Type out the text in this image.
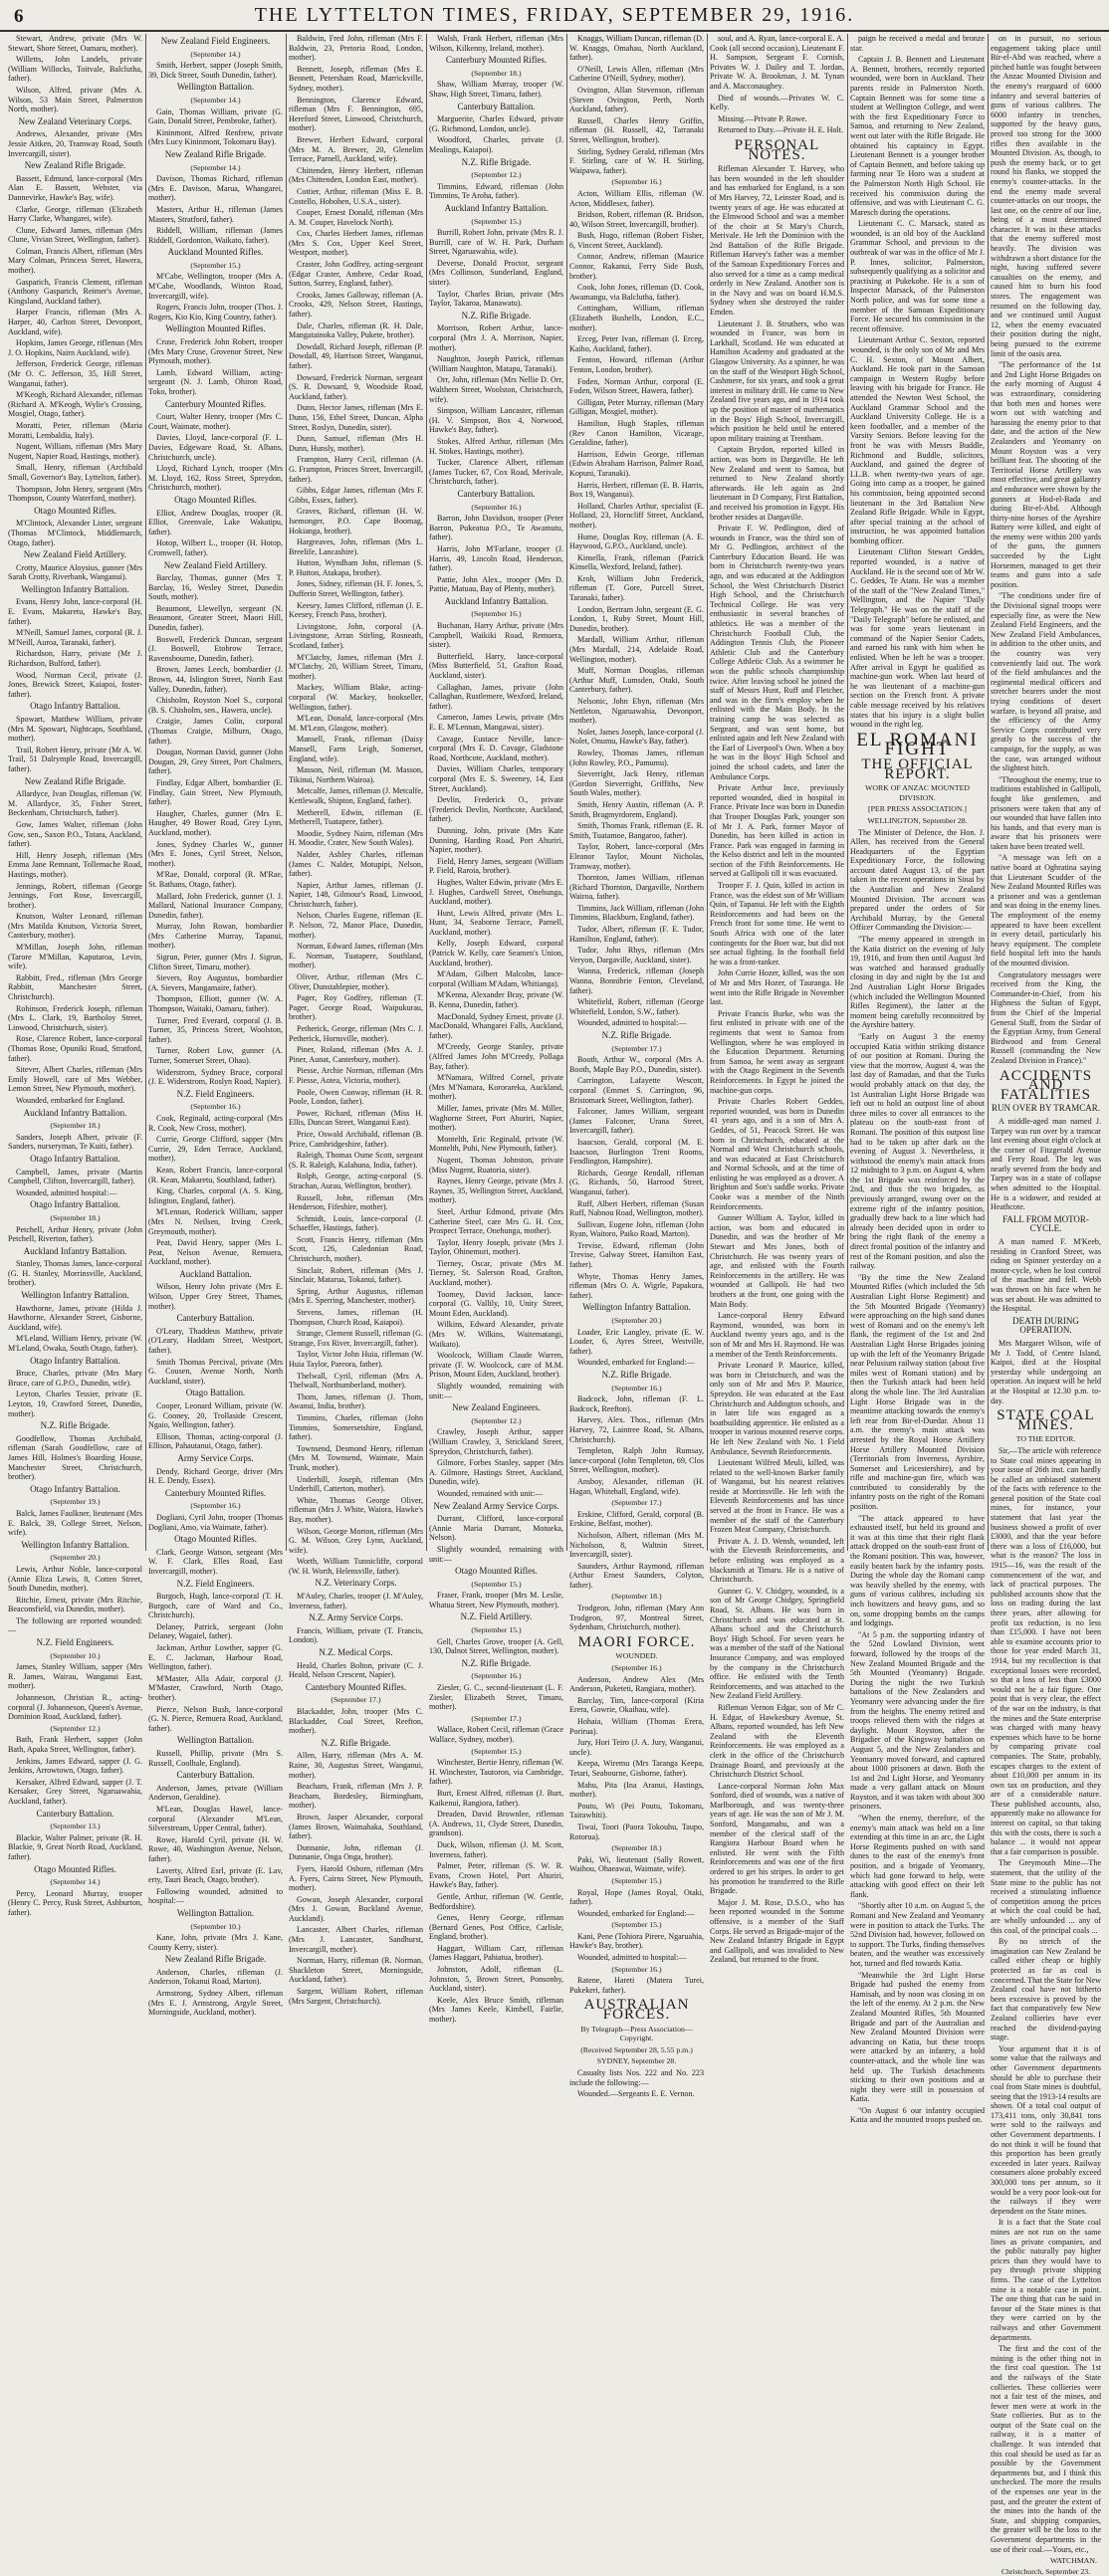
6	THE LYTTELTON TIMES, FRIDAY, SEPTEMBER 29, 1916.

Stewart, Andrew, private (Mrs W. Stewart, Shore Street, Oamaru, mother).

Willetts, John Landels, private (William Willocks, Toitvale, Balclutha, father).

Wilson, Alfred, private (Mrs A. Wilson, 53 Main Street, Palmerston North, mother).

New Zealand Veterinary Corps.

Andrews, Alexander, private (Mrs Jessie Aitken, 20, Tramway Road, South Invercargill, sister).

New Zealand Rifle Brigade.

Bassett, Edmund, lance-corporal (Mrs Alan E. Bassett, Webster, via Dannevirke, Hawke's Bay, wife).

Clarke, George, rifleman (Elizabeth Harry Clarke, Whangarei, wife).

Clune, Edward James, rifleman (Mrs Clune, Vivian Street, Wellington, father).

Colman, Francis Albert, rifleman (Mrs Mary Colman, Princess Street, Hawera, mother).

Gasparich, Francis Clement, rifleman (Anthony Gasparich, Reimer's Avenue, Kingsland, Auckland father).

Harper Francis, rifleman (Mrs A. Harper, 40, Carlton Street, Devonport, Auckland, wife).

Hopkins, James George, rifleman (Mrs J. O. Hopkins, Nairn Auckland, wife).

Jefferson, Frederick George, rifleman (Mr O. C. Jefferson, 35, Hill Street, Wanganui, father).

M'Keogh, Richard Alexander, rifleman (Richard A. M'Keogh, Wylie's Crossing, Mosgiel, Otago, father).

Moratti, Peter, rifleman (Maria Moratti, Lembaldia, Italy).

Nugent, William, rifleman (Mrs Mary Nugent, Napier Road, Hastings, mother).

Small, Henry, rifleman (Archibald Small, Governor's Bay, Lyttelton, father).

Thompson, John Henry, sergeant (Mrs Thompson, County Waterford, mother).

Otago Mounted Rifles.

M'Clintock, Alexander Lister, sergeant (Thomas M'Clintock, Middlemarch, Otago, father).

New Zealand Field Artillery.

Crotty, Maurice Aloysius, gunner (Mrs Sarah Crotty, Riverbank, Wanganui).

Wellington Infantry Battalion.

Evans, Henry John, lance-corporal (H. E. Evans, Makaretu, Hawke's Bay, father).

M'Neill, Samuel James, corporal (R. J. M'Neill, Auroa, Taranaki, father).

Richardson, Harry, private (Mr J. Richardson, Bulford, father).

Wood, Norman Cecil, private (J. Jones, Brewick Street, Kaiapoi, foster-father).

Otago Infantry Battalion.

Spowart, Matthew William, private (Mrs M. Spowart, Nightcaps, Southland, mother).

Trail, Robert Henry, private (Mr A. W. Trail, 51 Dalrymple Road, Invercargill, father).

New Zealand Rifle Brigade.

Allardyce, Ivan Douglas, rifleman (W. M. Allardyce, 35, Fisher Street, Beckenham, Christchurch, father).

Gow, James Walter, rifleman (John Gow, sen., Saxon P.O., Totara, Auckland, father).

Hill, Henry Joseph, rifleman (Mrs Emma Jane Remnant, Tollemache Road, Hastings, mother).

Jennings, Robert, rifleman (George Jennings, Fort Rose, Invercargill, brother).

Knutson, Walter Leonard, rifleman (Mrs Matilda Knutson, Victoria Street, Canterbury, mother).

M'Millan, Joseph John, rifleman (Tarore M'Millan, Kaputaroa, Levin, wife).

Rabbitt, Fred., rifleman (Mrs George Rabbitt, Manchester Street, Christchurch).

Robinson, Frederick Joseph, rifleman (Mrs L. Clark, 19, Bartholoy Street, Linwood, Christchurch, sister).

Rose, Clarence Robert, lance-corporal (Thomas Rose, Opuniki Road, Stratford, father).

Sitever, Albert Charles, rifleman (Mrs Emily Howell, care of Mrs Webber, Lemon Street, New Plymouth, mother).

Wounded, embarked for England.

Auckland Infantry Battalion.
(September 18.)

Sanders, Joseph Albert, private (F. Sanders, nurseryman, Te Kuiti, father).

Otago Infantry Battalion.

Campbell, James, private (Martin Campbell, Clifton, Invercargill, father).

Wounded, admitted hospital:—

Otago Infantry Battalion.
(September 18.)

Petchell, Arthur Henry, private (John Petchell, Riverton, father).

Auckland Infantry Battalion.

Stanley, Thomas James, lance-corporal (G. H. Stanley, Morrinsville, Auckland, brother).

Wellington Infantry Battalion.

Hawthorne, James, private (Hilda J. Hawthorne, Alexander Street, Gisborne, Auckland, wife).

M'Leland, William Henry, private (W. M'Leland, Owaka, South Otago, father).

Otago Infantry Battalion.

Bruce, Charles, private (Mrs Mary Bruce, care of G.P.O., Dunedin, wife).

Leyton, Charles Tessier, private (E. Leyton, 19, Crawford Street, Dunedin, mother).

N.Z. Rifle Brigade.

Goodfellow, Thomas Archibald, rifleman (Sarah Goodfellow, care of James Hill, Holmes's Boarding House, Manchester Street, Christchurch, brother).

Otago Infantry Battalion.
(September 19.)

Balck, James Faulkner, lieutenant (Mrs E. Balck, 39, College Street, Nelson, wife).

Wellington Infantry Battalion.
(September 20.)

Lewis, Arthur Noble, lance-corporal (Annie Eliza Lewis, 8, Cotten Street, South Dunedin, mother).

Ritchie, Ernest, private (Mrs Ritchie, Beaconsfield, via Dunedin, mother).

The following are reported wounded:—

N.Z. Field Engineers.
(September 10.)

James, Stanley William, sapper (Mrs R. James, Wairau, Wanganui East, mother).

Johanneson, Christian R., acting-corporal (J. Johanneson, Queen's Avenue, Dominion Road, Auckland, father).

(September 12.)

Bath, Frank Herbert, sapper (John Bath, Apaka Street, Wellington, father).

Jenkins, James Edward, sapper (J. G. Jenkins, Arrowtown, Otago, father).

Kersaker, Alfred Edward, sapper (J. T. Kersaker, Grey Street, Ngaruawahia, Auckland, father).

Canterbury Battalion.
(September 13.)

Blackie, Walter Palmer, private (R. H. Blackie, 9, Great North Road, Auckland, father).

Otago Mounted Rifles.
(September 14.)

Percy, Leonard Murray, trooper (Henry C. Percy, Rusk Street, Ashburton, father).

New Zealand Field Engineers.
(September 14.)

Smith, Herbert, sapper (Joseph Smith, 39, Dick Street, South Dunedin, father).

Wellington Battalion.
(September 14.)

Gain, Thomas William, private (G. Gain, Donald Street, Pembroke, father).

Kininmont, Alfred Renfrew, private (Mrs Lucy Kininmont, Tokomaru Bay).

New Zealand Rifle Brigade.
(September 14.)

Davison, Thomas Richard, rifleman (Mrs E. Davison, Marua, Whangarei, mother).

Masters, Arthur H., rifleman (James Masters, Stratford, father).

Riddell, William, rifleman (James Riddell, Gordonton, Waikato, father).

Auckland Mounted Rifles.
(September 15.)

M'Cabe, Wellington, trooper (Mrs A. M'Cabe, Woodlands, Winton Road, Invercargill, wife).

Rogers, Francis John, trooper (Thos. J. Rogers, Kio Kio, King Country, father).

Wellington Mounted Rifles.

Cruse, Frederick John Robert, trooper (Mrs Mary Cruse, Grovenor Street, New Plymouth, mother).

Lamb, Edward William, acting-sergeant (N. J. Lamb, Ohiron Road, Toko, brother).

Canterbury Mounted Rifles.

Court, Walter Henry, trooper (Mrs C. Court, Waimate, mother).

Davies, Lloyd, lance-corporal (F. L. Davies, Edgeware Road, St. Albans, Christchurch, uncle).

Lloyd, Richard Lynch, trooper (Mrs M. Lloyd, 162, Ross Street, Spreydon, Christchurch, mother).

Otago Mounted Rifles.

Elliot, Andrew Douglas, trooper (R. Elliot, Greenvale, Lake Wakatipu, father).

Hotop, Wilbert L., trooper (H. Hotop, Cromwell, father).

New Zealand Field Artillery.

Barclay, Thomas, gunner (Mrs T. Barclay, 16, Wesley Street, Dunedin South, mother).

Beaumont, Llewellyn, sergeant (N. Beaumont, Greater Street, Maori Hill, Dunedin, father).

Boswell, Frederick Duncan, sergeant (J. Boswell, Etobrow Terrace, Ravensbourne, Dunedin, father).

Brown, James Leech, bombardier (J. Brown, 44, Islington Street, North East Valley, Dunedin, father).

Chisholm, Royston Noel S., corporal (B. S. Chisholm, sen., Hawera, uncle).

Craigie, James Colin, corporal (Thomas Craigie, Milburn, Otago, father).

Dougan, Norman David, gunner (John Dougan, 29, Grey Street, Port Chalmers, father).

Findlay, Edgar Albert, bombardier (E. Findlay, Gain Street, New Plymouth, father).

Haugher, Charles, gunner (Mrs E. Haugher, 49 Bower Road, Grey Lynn, Auckland, mother).

Jones, Sydney Charles W., gunner (Mrs E. Jones, Cyril Street, Nelson, mother).

M'Rae, Donald, corporal (R. M'Rae, St. Bathans, Otago, father).

Mallard, John Frederick, gunner (J. J. Mallard, National Insurance Company, Dunedin, father).

Murray, John Rowan, bombardier (Mrs Catherine Murray, Tapanui, mother).

Sigrun, Peter, gunner (Mrs J. Sigrun, Clifton Street, Timaru, mother).

Sievers, Roy Augustus, bombardier (A. Sievers, Mangamaire, father).

Thompson, Elliott, gunner (W. A. Thompson, Waitaki, Oamaru, father).

Turner, Fred Everard, corporal (J. B. Turner, 35, Princess Street, Woolston, father).

Turner, Robert Low, gunner (A. Turner, Somerset Street, Ohau).

Widerstrom, Sydney Bruce, corporal (J. E. Widerstrom, Roslyn Road, Napier).

N.Z. Field Engineers.
(September 16.)

Cook, Reginald, acting-corporal (Mrs R. Cook, New Cross, mother).

Currie, George Clifford, sapper (Mrs Currie, 29, Eden Terrace, Auckland, mother).

Kean, Robert Francis, lance-corporal (R. Kean, Makaretu, Southland, father).

King, Charles, corporal (A. S. King, Islington, England, father).

M'Lennan, Roderick William, sapper (Mrs N. Neilsen, Irving Creek, Greymouth, mother).

Peat, David Henry, sapper (Mrs L. Peat, Nelson Avenue, Remuera, Auckland, mother).

Auckland Battalion.

Wilson, Henry John private (Mrs E. Wilson, Upper Grey Street, Thames, mother).

Canterbury Battalion.

O'Leary, Thaddeus Matthew, private (O'Leary, Haddam Street, Westport, father).

Smith Thomas Percival, private (Mrs G. Cousen, Avenue North, North Auckland, sister).

Otago Battalion.

Cooper, Leonard William, private (W. G. Cooney, 20, Trollaside Crescent, Ngaio, Wellington, father).

Ellison, Thomas, acting-corporal (J. Ellison, Pahautanui, Otago, father).

Army Service Corps.

Dendy, Richard George, driver (Mrs H. E. Dendy, Essex).

Canterbury Mounted Rifles.
(September 16.)

Dogliani, Cyril John, trooper (Thomas Dogliani, Amo, via Waimate, father).

Otago Mounted Rifles.

Clark, George Watson, sergeant (Mrs W. F. Clark, Elles Road, East Invercargill, mother).

N.Z. Field Engineers.

Burgoch, Hugh, lance-corporal (T. H. Burgoch, care of Ward and Co., Christchurch).

Delaney, Patrick, sergeant (John Delaney, Wagaiel, father).

Jackman, Arthur Lowther, sapper (G. E. C. Jackman, Harbour Road, Wellington, father).

M'Master, Alla Adair, corporal (J. M'Master, Crawford, North Otago, brother).

Pierce, Nelson Bush, lance-corporal (G. N. Pierce, Remuera Road, Auckland, father).

Wellington Battalion.

Russell, Phillip, private (Mrs S. Russell, Coolhale, England).

Canterbury Battalion.

Anderson, James, private (William Anderson, Geraldine).

M'Lean, Douglas Hawel, lance-corporal (Alexander M'Lean, Silverstream, Upper Central, father).

Rowe, Harold Cyril, private (H. W. Rowe, 40, Washington Avenue, Nelson, father).

Laverty, Alfred Esrl, private (E. Lav, erty, Tauri Beach, Otago, brother).

Following wounded, admitted to hospital:—

Wellington Battalion.
(September 10.)

Kane, John, private (Mrs J. Kane, County Kerry, sister).

New Zealand Rifle Brigade.

Anderson, Charles, rifleman (J. Anderson, Tokanui Road, Marton).

Armstrong, Sydney Albert, rifleman (Mrs E. J. Armstrong, Argyle Street, Morningside, Auckland, mother).

Baldwin, Fred John, rifleman (Mrs F. Baldwin, 23, Pretoria Road, London, mother).

Bennett, Joseph, rifleman (Mrs E. Bennett, Petersham Road, Marrickville, Sydney, mother).

Bennington, Clarence Edward, rifleman (Mrs F. Bennington, 695, Hereford Street, Linwood, Christchurch, mother).

Brewer, Herbert Edward, corporal (Mrs M. A. Brewer, 20, Glenelim Terrace, Parnell, Auckland, wife).

Chittenden, Henry Herbert, rifleman (Mrs Chittenden, London East, mother).

Cottier, Arthur, rifleman (Miss E. B. Costello, Hobohen, U.S.A., sister).

Couper, Ernest Donald, rifleman (Mrs A. M. Couper, Havelock North).

Cox, Charles Herbert James, rifleman (Mrs S. Cox, Upper Keel Street, Westport, mother).

Craster, John Godfrey, acting-sergeant (Edgar Craster, Ambree, Cedar Road, Sutton, Surrey, England, father).

Crooks, James Galloway, rifleman (A. Crooks, 429, Nelson Street, Hastings, father).

Dale, Charles, rifleman (R. H. Dale, Mangatainoka Valley, Pukete, brother).

Dowdall, Richard Joseph, rifleman (P. Dowdall, 49, Harrison Street, Wanganui, father).

Dowsard, Frederick Norman, sergeant (S. R. Dowsard, 9, Woodside Road, Auckland, father).

Dunn, Hector James, rifleman (Mrs E. Dunn, 156, Ethel Street, Duncan, Alpha Street, Roslyn, Dunedin, sister).

Dunn, Samuel, rifleman (Mrs H. Dunn, Hunsly, mother).

Frampton, Harry Cecil, rifleman (A. G. Frampton, Princes Street, Invercargill, father).

Gibbs, Edgar James, rifleman (Mrs F. Gibbs, Essex, father).

Graves, Richard, rifleman (H. W. Isemonger, P.O. Cape Boomag, Hokianga, brother).

Hargreaves, John, rifleman (Mrs L. Breelife, Lancashire).

Hutton, Wyndham John, rifleman (S. P. Hutton, Atakapa, brother).

Jones, Sidney, rifleman (H. F. Jones, 5, Dufferin Street, Wellington, father).

Keesey, James Clifford, rifleman (J. E. Keesey, French Pass, brother).

Livingstone, John, corporal (A. Livingstone, Arran Stirling, Rosneath, Scotland, father).

M'Clatchy, James, rifleman (Mrs J. M'Clatchy, 20, William Street, Timaru, mother).

Mackey, William Blake, acting-corporal (W. Mackey, bookseller, Wellington, father).

M'Lean, Donald, lance-corporal (Mrs M. M'Lean, Glasgow, mother).

Mansell, Frank, rifleman (Daisy Mansell, Farm Leigh, Somerset, England, wife).

Masson, Neil, rifleman (M. Masson, Tikinui, Northern Wairoa).

Metcalfe, James, rifleman (J. Metcalfe, Kettlewalk, Shipton, England, father).

Metherell, Edwin, rifleman (E. Metherell, Tuatapere, father).

Moodie, Sydney Nairn, rifleman (Mrs H. Moodie, Crater, New South Wales).

Nalder, Ashley Charles, rifleman (James C. Nalder, Motupipi, Nelson, father).

Napier, Arthur James, rifleman (J. Napier, 148, Gilmour's Road, Linwood, Christchurch, father).

Nelson, Charles Eugene, rifleman (E. P. Nelson, 72, Manor Place, Dunedin, mother).

Norman, Edward James, rifleman (Mrs E. Norman, Tuatapere, Southland, mother).

Oliver, Arthur, rifleman (Mrs C. Oliver, Dunstablepier, mother).

Pager, Roy Godfrey, rifleman (T. Pager, George Road, Waipukurau, brother).

Petherick, George, rifleman (Mrs C. J. Petherick, Hornsville, mother).

Piner, Roland, rifleman (Mrs A. J. Piner, Aunat, Canterbury, mother).

Piesse, Archie Norman, rifleman (Mrs F. Piesse, Aotea, Victoria, mother).

Poole, Owen Conway, rifleman (H. R. Poole, London, father).

Power, Richard, rifleman (Miss H. Ellis, Duncan Street, Wanganui East).

Price, Oswald Archibald, rifleman (B. Price, Cambridgeshire, father).

Raleigh, Thomas Osme Scott, sergeant (S. R. Raleigh, Kalahuna, India, father).

Rolph, George, acting-corporal (S. Strachan, Aurau, Wellington, brother).

Russell, John, rifleman (Mrs Henderson, Fifeshire, mother).

Schmidt, Louis, lance-corporal (J. Schaeffer, Hastings, father).

Scott, Francis Henry, rifleman (Mrs Scott, 126, Caledonian Road, Christchurch, mother).

Sinclair, Robert, rifleman (Mrs J. Sinclair, Matarua, Tokanui, father).

Spring, Arthur Augustus, rifleman (Mrs E. Sperring, Manchester, mother).

Stevens, James, rifleman (H. Thompson, Church Road, Kaiapoi).

Strange, Clement Russell, rifleman (G. Strange, Fox River, Invercargill, father).

Taylor, Victor John Huia, rifleman (W. Huia Taylor, Pareora, father).

Thelwall, Cyril, rifleman (Mrs A. Thelwall, Northumberland, mother).

Thom, James, rifleman (J. Thom, Awanui, India, brother).

Timmins, Charles, rifleman (John Timmins, Somersetshire, England, father).

Townsend, Desmond Henry, rifleman (Mrs M. Townsend, Waimate, Main Trunk, mother).

Underhill, Joseph, rifleman (Mrs Underhill, Catterton, mother).

White, Thomas George Oliver, rifleman (Mrs J. White, Waiora, Hawke's Bay, mother).

Wilson, George Morton, rifleman (Mrs G. M. Wilson, Grey Lynn, Auckland, wife).

Worth, William Tunnicliffe, corporal (W. H. Worth, Helensville, father).

N.Z. Veterinary Corps.

M'Auley, Charles, trooper (J. M'Auley, Inverness, father).

N.Z. Army Service Corps.

Francis, William, private (T. Francis, London).

N.Z. Medical Corps.

Heald, Charles Bolton, private (C. J. Heald, Nelson Crescent, Napier).

Canterbury Mounted Rifles.
(September 17.)

Blackadder, John, trooper (Mrs C. Blackadder, Coal Street, Reefton, mother).

N.Z. Rifle Brigade.

Allen, Harry, rifleman (Mrs A. M. Raine, 30, Augustus Street, Wanganui, mother).

Beacham, Frank, rifleman (Mrs J. P. Beacham, Bordesley, Birmingham, mother).

Brown, Jasper Alexander, corporal (James Brown, Waimahaka, Southland, father).

Dunnanie, John, rifleman (J. Dunnanie, Onga Onga, brother).

Fyers, Harold Osborn, rifleman (Mrs A. Fyers, Cairns Street, New Plymouth, mother).

Gowan, Joseph Alexander, corporal (Mrs J. Gowan, Buckland Avenue, Auckland).

Lancaster, Albert Charles, rifleman (Mrs J. Lancaster, Sandhurst, Invercargill, mother).

Norman, Harry, rifleman (R. Norman, Shackleton Street, Morningside, Auckland, father).

Sargent, William Robert, rifleman (Mrs Sargent, Christchurch).

Walsh, Frank Herbert, rifleman (Mrs Wilson, Kilkenny, Ireland, mother).

Canterbury Mounted Rifles.
(September 18.)

Shaw, William Murray, trooper (W. Shaw, High Street, Timaru, father).

Canterbury Battalion.

Marguerite, Charles Edward, private (G. Richmond, London, uncle).

Woodford, Charles, private (J. Mealings, Kaiapoi).

N.Z. Rifle Brigade.
(September 12.)

Timmins, Edward, rifleman (John Timmins, Te Aroha, father).

Auckland Infantry Battalion.
(September 15.)

Burrill, Robert John, private (Mrs R. J. Burrill, care of W. H. Park, Durham Street, Ngaruawahia, wife).

Deverse, Donald Proctor, sergeant (Mrs Collinson, Sunderland, England, sister).

Taylor, Charles Brian, private (Mrs Taylor, Takaroa, Manawatu).

N.Z. Rifle Brigade.

Morrison, Robert Arthur, lance-corporal (Mrs J. A. Morrison, Napier, mother).

Naughton, Joseph Patrick, rifleman (William Naughton, Matapu, Taranaki).

Orr, John, rifleman (Mrs Nellie D. Orr, Walthern Street, Woolston, Christchurch, wife).

Simpson, William Lancaster, rifleman (H. V. Simpson, Box 4, Norwood, Hawke's Bay, father).

Stokes, Alfred Arthur, rifleman (Mrs H. Stokes, Hastings, mother).

Tucker, Clarence Albert, rifleman (James Tucker, 67, Cox Road, Merivale, Christchurch, father).

Canterbury Battalion.
(September 16.)

Barron, John Davidson, trooper (Peter Barron, Pukeatua P.O., Te Awamutu, father).

Harris, John M'Farlane, trooper (J. Harris, 49, Lincoln Road, Henderson, father).

Pattie, John Alex., trooper (Mrs D. Pattie, Matuau, Bay of Plenty, mother).

Auckland Infantry Battalion.
(September 16.)

Buchanan, Harry Arthur, private (Mrs Campbell, Waikiki Road, Remuera, sister).

Butterfield, Harry, lance-corporal (Miss Butterfield, 51, Grafton Road, Auckland, sister).

Callaghan, James, private (John Callaghan, Rustlemere, Wexford, Ireland, father).

Cameron, James Lewis, private (Mrs E. E. M'Lennan, Mangawai, sister).

Cavage, Eustace Neville, lance-corporal (Mrs E. D. Cavage, Gladstone Road, Northcote, Auckland, mother).

Davies, William Charles, temporary corporal (Mrs E. S. Sweeney, 14, East Street, Auckland).

Devlin, Frederick O., private (Frederick Devlin, Northcote, Auckland, father).

Dunning, John, private (Mrs Kate Dunning, Harding Road, Port Ahuriri, Napier, mother).

Field, Henry James, sergeant (William P. Field, Raroia, brother).

Hughes, Walter Edwin, private (Mrs E. J. Hughes, Cardwell Street, Onehunga, Auckland, mother).

Hunt, Lewis Alfred, private (Mrs L. Hunt, 34, Seaborne Terrace, Parnell, Auckland, mother).

Kelly, Joseph Edward, corporal (Patrick W. Kelly, care Seamen's Union, Auckland, brother).

M'Adam, Gilbert Malcolm, lance-corporal (William M'Adam, Whitianga).

M'Kenna, Alexander Bray, private (W. B. Kenna, Dunedin, father).

MacDonald, Sydney Ernest, private (J. MacDonald, Whangarei Falls, Auckland, father).

M'Creedy, George Stanley, private (Alfred James John M'Creedy, Pollaga Bay, father).

M'Namara, Wilfred Cornel, private (Mrs M'Namara, Kororareka, Auckland, mother).

Miller, James, private (Mrs M. Miller, Waghorne Street, Port Ahuriri, Napier, mother).

Montelth, Eric Reginald, private (W. Montelth, Puhi, New Plymouth, father).

Nugent, Thomas Johnston, private (Miss Nugent, Ruatoria, sister).

Raynes, Henry George, private (Mrs J. Raynes, 35, Wellington Street, Auckland, mother).

Steel, Arthur Edmond, private (Mrs Catherine Steel, care Mrs G. H. Cox, Prospect Terrace, Onehunga, mother).

Taylor, Henry Joseph, private (Mrs J. Taylor, Ohinemuri, mother).

Tierney, Oscar, private (Mrs M. Tierney, St. Salerson Road, Grafton, Auckland, mother).

Toomey, David Jackson, lance-corporal (G. Vallily, 10, Unity Street, Mount Eden, Auckland).

Wilkins, Edward Alexander, private (Mrs W. Wilkins, Waitematangi, Waikato).

Woolcock, William Claude Warren, private (F. W. Woolcock, care of M.M. Prison, Mount Eden, Auckland, brother).

Slightly wounded, remaining with unit:—

New Zealand Engineers.
(September 12.)

Crawley, Joseph Arthur, sapper (William Crawley, 3, Strickland Street, Spreydon, Christchurch, father).

Gilmore, Forbes Stanley, sapper (Mrs A. Gilmore, Hastings Street, Auckland, Dunedin, wife).

Wounded, remained with unit:—

New Zealand Army Service Corps.

Durrant, Clifford, lance-corporal (Annie Maria Durrant, Motueka, Nelson).

Slightly wounded, remaining with unit:—

Otago Mounted Rifles.
(September 15.)

Fraser, Frank, trooper (Mrs M. Leslie, Whatua Street, New Plymouth, mother).

N.Z. Field Artillery.
(September 15.)

Gell, Charles Grove, trooper (A. Gell, 130, Dalnot Street, Wellington, mother).

N.Z. Rifle Brigade.
(September 16.)

Ziesler, G. C., second-lieutenant (L. F. Ziesler, Elizabeth Street, Timaru, mother).

(September 17.)

Wallace, Robert Cecil, rifleman (Grace Wallace, Sydney, mother).

(September 15.)

Winchester, Bertie Henry, rifleman (W. H. Winchester, Tautoron, via Cambridge, father).

Burt, Ernest Alfred, rifleman (J. Burt, Kaikenui, Rangiora, father).

Dreaden, David Brownlee, rifleman (A. Andrews, 11, Clyde Street, Dunedin, grandson).

Duck, Wilson, rifleman (J. M. Scott, Inverness, father).

Palmer, Peter, rifleman (S. W. R. Evans, Crown Hotel, Port Ahuriri, Hawke's Bay, father).

Gentle, Arthur, rifleman (W. Gentle, Bedfordshire).

Genes, Henry George, rifleman (Bernard Genes, Post Office, Carlisle, England, brother).

Haggart, William Carr, rifleman (James Haggart, Pahiatua, brother).

Johnston, Adolf, rifleman (L. Johnston, 5, Brown Street, Ponsonby, Auckland, sister).

Keele, Alex Bruce Smith, rifleman (Mrs James Keele, Kimbell, Fairlie, mother).

Knaggs, William Duncan, rifleman (D. W. Knaggs, Omahau, North Auckland, father).

O'Neill, Lewis Allen, rifleman (Mrs Catherine O'Neill, Sydney, mother).

Ovington, Allan Stevenson, rifleman (Steven Ovington, Perth, North Auckland, father).

Russell, Charles Henry Griffin, rifleman (H. Russell, 42, Tarranaki Street, Wellington, brother).

Stirling, Sydney Gerald, rifleman (Mrs F. Stirling, care of W. H. Stirling, Waipawa, father).

(September 16.)

Acton, William Ellis, rifleman (W. Acton, Middlesex, father).

Bridson, Robert, rifleman (R. Bridson, 40, Wilson Street, Invercargill, brother).

Bush, Hugo, rifleman (Robert Fisher, 6, Vincent Street, Auckland).

Connor, Andrew, rifleman (Maurice Connor, Rakanui, Ferry Side Bush, brother).

Cook, John Jones, rifleman (D. Cook, Awamangu, via Balclutha, father).

Cottingham, William, rifleman (Elizabeth Bushells, London, E.C., mother).

Erceg, Peter Ivan, rifleman (I. Erceg, Kaiho, Auckland, father).

Fenton, Howard, rifleman (Arthur Fenton, London, brother).

Foden, Norman Arthur, corporal (E. Foden, Wilson Street, Hawera, father).

Gilligan, Peter Murray, rifleman (Mary Gilligan, Mosgiel, mother).

Hamilton, Hugh Staples, rifleman (Rev Canon Hamilton, Vicarage, Geraldine, father).

Harrison, Edwin George, rifleman (Edwin Abraham Harrison, Palmer Road, Kopuni, Taranaki).

Harris, Herbert, rifleman (E. B. Harris, Box 19, Wanganui).

Holland, Charles Arthur, specialist (E. Holland, 23, Horncliff Street, Auckland, mother).

Hume, Douglas Roy, rifleman (A. E. Haywood, G.P.O., Auckland, uncle).

Kinsella, Frank, rifleman (Patrick Kinsella, Wexford, Ireland, father).

Kroh, William John Frederick, rifleman (T. Gore, Purcell Street, Taranaki, father).

London, Bertram John, sergeant (E. G. London, 1, Ruby Street, Mount Hill, Dunedin, brother).

Mardall, William Arthur, rifleman (Mrs Mardall, 214, Adelaide Road, Wellington, mother).

Muff, Norman Douglas, rifleman (Arthur Muff, Lumsden, Otaki, South Canterbury, father).

Nelsonic, John Ebyn, rifleman (Mrs Nettleton, Ngaruawahia, Devonport, mother).

Nolet, James Joseph, lance-corporal (J. Nolet, Onumu, Hawke's Bay, father).

Rowley, Thomas James, rifleman (John Rowley, P.O., Pamumu).

Sieverright, Jack Henry, rifleman (Gordon Sieverright, Griffiths, New South Wales, mother).

Smith, Henry Austin, rifleman (A. P. Smith, Bragmyrdorem, England).

Smith, Thomas Frank, rifleman (E. R. Smith, Tuatamoe, Bangaroo, father).

Taylor, Robert, lance-corporal (Mrs Eleanor Taylor, Mount Nicholas, Tramway, mother).

Thornton, James William, rifleman (Richard Thornton, Dargaville, Northern Wairoa, father).

Timmins, Jack William, rifleman (John Timmins, Blackburn, England, father).

Tudor, Albert, rifleman (F. E. Tudor, Hamilton, England, father).

Tudor, John Rhys, rifleman (Mrs Veryon, Dargaville, Auckland, sister).

Wanna, Frederick, rifleman (Joseph Wanna, Bonnibrie Fenton, Cleveland, father).

Whitefield, Robert, rifleman (George Whitefield, London, S.W., father).

Wounded, admitted to hospital:—

N.Z. Rifle Brigade.
(September 17.)

Booth, Arthur W., corporal (Mrs A. Booth, Maple Bay P.O., Dunedin, sister).

Carrington, Lafayette Wescott, corporal (Emmet S. Carrington, 96, Bristomark Street, Wellington, father).

Falconer, James William, sergeant (James Falconer, Urana Street, Invercargill, father).

Isaacson, Gerald, corporal (M. E. Isaacson, Burlington Trent Rooms, Fendlington, Hampshire).

Richards, George Rendall, rifleman (G. Richards, 50, Harrood Street, Wanganui, father).

Ruff, Albert Herbert, rifleman (Susan Ruff, Nabnou Road, Wellington, mother).

Sullivan, Eugene John, rifleman (John Ryan, Waitoro, Paiko Road, Marton).

Trevise, Edward, rifleman (John Trevise, Galway Street, Hamilton East, father).

Whyte, Thomas Henry James, rifleman (Mrs O. A. Wigrle, Papakura, father).

Wellington Infantry Battalion.
(September 20.)

Loader, Eric Langley, private (E. W. Loader, 6, Ayres Street, Westville, father).

Wounded, embarked for England:—

N.Z. Rifle Brigade.
(September 16.)

Badcock, John, rifleman (F. L. Badcock, Reefton).

Harvey, Alex. Thos., rifleman (Mrs Harvey, 72, Laintree Road, St. Albans, Christchurch).

Templeton, Ralph John Rumsay, lance-corporal (John Templeton, 69, Clos Street, Wellington, mother).

Ansboy, Alexander, rifleman (H. Hagan, Whitehall, England, wife).

(September 17.)

Erskine, Clifford, Gerald, corporal (B. Erskine, Belfast, mother).

Nicholson, Albert, rifleman (Mrs M. Nicholson, 8, Waltnin Street, Invercargill, sister).

Saunders, Arthur Raymond, rifleman (Arthur Ernest Saunders, Colyton, father).

(September 18.)

Trodgeon, John, rifleman (Mary Ann Trodgeon, 97, Montreal Street, Sydenham, Christchurch, mother).

MAORI FORCE.
WOUNDED.
(September 16.)

Anderson, Andrew Alex (Mrs Anderson, Puketeti, Rangiara, mother).

Barclay, Tim, lance-corporal (Kiria Erera, Gowrie, Okaihau, wife).

Hohaia, William (Thomas Erera, Porirua).

Jury, Hori Teiro (J. A. Jury, Wanganui, uncle).

Keepa, Wiremu (Mrs Taranga Keepa, Tetari, Seabourne, Gisborne, father).

Mahu, Pita (Ina Aranui, Hastings, mother).

Poutu, Wi (Pei Poutu, Tokomaru, Tairawhiti).

Tiwai, Toori (Paora Tokouhu, Taupo, Rotorua).

(September 18.)

Paki, Wi, lieutenant (Sally Rowett, Waihou, Ohaeawai, Waimate, wife).

(September 15.)

Royal, Hope (James Royal, Otaki, father).

Wounded, embarked for England:—

(September 15.)

Kani, Pene (Tohiora Pirere, Ngaruahia, Hawke's Bay, brother).

Wounded, admitted to hospital:—

(September 16.)

Ratene, Hareti (Matera Turei, Pukekeri, father).

AUSTRALIAN FORCES.
By Telegraph—Press Association—Copyright.
(Received September 28, 5.55 p.m.)
SYDNEY, September 28.

Casualty lists Nos. 222 and No. 223 include the following:—

Wounded.—Sergeants E. E. Vernon.

soul, and A. Ryan, lance-corporal E. A. Cook (all second occasion), Lieutenant F. H. Sampson, Sergeant F. Cornish, Privates W. J. Dailey and T. Jordan, Private W. A. Brookman, J. M. Tynan and A. Macconaughey.

Died of wounds.—Privates W. C. Kelly.

Missing.—Private P. Rowe.

Returned to Duty.—Private H. E. Holt.

PERSONAL NOTES.

Rifleman Alexander T. Harvey, who has been wounded in the left shoulder and has embarked for England, is a son of Mrs Harvey, 72, Leinster Road, and is twenty years of age. He was educated at the Elmwood School and was a member of the choir at St Mary's Church, Merivale. He left the Dominion with the 2nd Battalion of the Rifle Brigade. Rifleman Harvey's father was a member of the Samoan Expeditionary Forces and also served for a time as a camp medical orderly in New Zealand. Another son is in the Navy and was on board H.M.S. Sydney when she destroyed the raider Emden.

Lieutenant J. B. Struthers, who was wounded in France, was born in Larkhall, Scotland. He was educated at Hamilton Academy and graduated at the Glasgow University. As a spinner, he was on the staff of the Westport High School, Cashmere, for six years, and took a great interest in military drill. He came to New Zealand five years ago, and in 1914 took up the position of master of mathematics in the Boys' High School, Invercargill, which position he held until he entered upon military training at Trentham.

Captain Brydon, reported killed in action, was born in Dargaville. He left New Zealand and went to Samoa, but returned to New Zealand shortly afterwards. He left again as 2nd lieutenant in D Company, First Battalion, and received his promotion in Egypt. His brother resides at Dargaville.

Private F. W. Pedlington, died of wounds in France, was the third son of Mr G. Pedlington, architect of the Canterbury Education Board. He was born in Christchurch twenty-two years ago, and was educated at the Addington School, the West Christchurch District High School, and the Christchurch Technical College. He was very enthusiastic in several branches of athletics. He was a member of the Christchurch Football Club, the Addington Tennis Club, the Pioneer Athletic Club and the Canterbury College Athletic Club. As a swimmer he won the public schools championship twice. After leaving school he joined the staff of Messrs Hunt, Ruff and Fletcher, and was in the firm's employ when he enlisted with the Main Body. In the training camp he was selected as Sergeant, and was sent home, but enlisted again and left New Zealand with the Earl of Liverpool's Own. When a boy he was in the Boys' High School and joined the school cadets, and later the Ambulance Corps.

Private Arthur Ince, previously reported wounded, died in hospital in France. Private Ince was born in Dunedin that Trooper Douglas Park, younger son of Mr J. A. Park, former Mayor of Dunedin, has been killed in action in France. Park was engaged in farming in the Kelso district and left in the mounted section of the Fifth Reinforcements. He served at Gallipoli till it was evacuated.

Trooper F. J. Quin, killed in action in France, was the eldest son of Mr William Quin, of Tapanui. He left with the Eighth Reinforcements and had been on the French front for some time. He went to South Africa with one of the later contingents for the Boer war, but did not see actual fighting. In the football field he was a front-ranker.

John Currie Hozer, killed, was the son of Mr and Mrs Hozer, of Tauranga. He went into the Rifle Brigade in November last.

Private Francis Burke, who was the first enlisted in private with one of the regiments that went to Samoa from Wellington, where he was employed in the Education Department. Returning from Samoa, he went away as sergeant with the Otago Regiment in the Seventh Reinforcements. In Egypt he joined the machine-gun corps.

Private Charles Robert Geddes, reported wounded, was born in Dunedin 41 years ago, and is a son of Mrs A. Geddes, of 51, Peacock Street. He was born in Christchurch, educated at the Normal and West Christchurch schools, and was educated at East Christchurch and Normal Schools, and at the time of enlisting he was employed as a drover. A Brighton and Son's saddle works. Private Cooke was a member of the Ninth Reinforcements.

Gunner William A. Taylor, killed in action, was born and educated in Dunedin, and was the brother of Mr Stewart and Mrs Jones, both of Christchurch. He was twenty years of age, and enlisted with the Fourth Reinforcements in the artillery. He was wounded at Gallipoli. He had two brothers at the front, one going with the Main Body.

Lance-corporal Henry Edward Raymond, wounded, was born in Auckland twenty years ago, and is the son of Mr and Mrs H. Raymond. He was a member of the Tenth Reinforcements.

Private Leonard P. Maurice, killed, was born in Christchurch, and was the only son of Mr and Mrs P. Maurice, Spreydon. He was educated at the East Christchurch and Addington schools, and in later life was engaged as a boatbuilding apprentice. He enlisted as a trooper in various mounted reserve corps. He left New Zealand with No. 1 Field Ambulance, Seventh Reinforcements.

Lieutenant Wilfred Meuli, killed, was related to the well-known Barker family of Wanganui, but his nearest relatives reside at Morrinsville. He left with the Eleventh Reinforcements and has since served at the front in France. He was a member of the staff of the Canterbury Frozen Meat Company, Christchurch.

Private A. J. D. Wensh, wounded, left with the Eleventh Reinforcements, and before enlisting was employed as a blacksmith at Timaru. He is a native of Christchurch.

Gunner G. V. Chidgey, wounded, is a son of Mr George Chidgey, Springfield Road, St. Albans. He was born in Christchurch and was educated at St. Albans school and the Christchurch Boys' High School. For seven years he was a member of the staff of the National Insurance Company, and was employed by the company in the Christchurch office. He enlisted with the Tenth Reinforcements, and was attached to the New Zealand Field Artillery.

Rifleman Vernon Edgar, son of Mr C. H. Edgar, of Hawkesbury Avenue, St. Albans, reported wounded, has left New Zealand with the Eleventh Reinforcements. He was employed as a clerk in the office of the Christchurch Drainage Board, and previously at the Christchurch District School.

Lance-corporal Norman John Max Sonford, died of wounds, was a native of Marlborough, and was twenty-three years of age. He was the son of Mr J. M. Sonford, Mangamahu, and was a member of the clerical staff of the Rangiora Harbour Board when he enlisted. He went with the Fifth Reinforcements and was one of the first ordered to get his stripes. In order to get his promotion he transferred to the Rifle Brigade.

Major J. M. Rose, D.S.O., who has been reported wounded in the Somme offensive, is a member of the Staff Corps. He served as Brigade-major of the New Zealand Infantry Brigade in Egypt and Gallipoli, and was invalided to New Zealand, but returned to the front.

paign he received a medal and bronze star.

Captain J. B. Bennett and Lieutenant A. Bennett, brothers, recently reported wounded, were born in Auckland. Their parents reside in Palmerston North. Captain Bennett was for some time a student at Wellington College, and went with the first Expeditionary Force to Samoa, and returning to New Zealand, went out later with the Rifle Brigade. He obtained his captaincy in Egypt. Lieutenant Bennett is a younger brother of Captain Bennett, and before taking up farming near Te Horo was a student at the Palmerston North High School. He received his commission during the offensive, and was with Lieutenant C. G. Maresch during the operations.

Lieutenant C. C. Marsack, stated as wounded, is an old boy of the Auckland Grammar School, and previous to the outbreak of war was in the office of Mr J. P. Innes, solicitor, Palmerston, subsequently qualifying as a solicitor and practising at Pukekohe. He is a son of Inspector Marsack, of the Palmerston North police, and was for some time a member of the Samoan Expeditionary Force. He secured his commission in the recent offensive.

Lieutenant Arthur C. Sexton, reported wounded, is the only son of Mr and Mrs C. H. Sexton, of Mount Albert, Auckland. He took part in the Samoan campaign in Western Rugby before leaving with his brigade for France. He attended the Newton West School, the Auckland Grammar School and the Auckland University College. He is a keen footballer, and a member of the Varsity Seniors. Before leaving for the front he was with Messrs Buddle, Richmond and Buddle, solicitors, Auckland, and gained the degree of LL.B. when twenty-two years of age. Going into camp as a trooper, he gained his commission, being appointed second lieutenant in the 3rd Battalion New Zealand Rifle Brigade. While in Egypt, after special training at the school of instruction, he was appointed battalion bombing officer.

Lieutenant Clifton Stewart Geddes, reported wounded, is a native of Auckland. He is the second son of Mr W. C. Geddes, Te Atatu. He was a member of the staff of the "New Zealand Times," Wellington, and the Napier "Daily Telegraph." He was on the staff of the "Daily Telegraph" before he enlisted, and was for some years lieutenant in command of the Napier Senior Cadets, and earned his rank with him when he enlisted. When he left he was a trooper. After arrival in Egypt he qualified as machine-gun work. When last heard of he was lieutenant of a machine-gun section on the French front. A private cable message received by his relatives states that his injury is a slight bullet wound in the right leg.

EL ROMANI FIGHT
THE OFFICIAL REPORT.
WORK OF ANZAC MOUNTED DIVISION.
[PER PRESS ASSOCIATION.]
WELLINGTON, September 28.

The Minister of Defence, the Hon. J. Allen, has received from the General Headquarters of the Egyptian Expeditionary Force, the following account dated August 13, of the part taken in the recent operations in Sinai by the Australian and New Zealand Mounted Division. The account was prepared under the orders of Sir Archibald Murray, by the General Officer Commanding the Division:—

"The enemy appeared in strength in the Katia district on the evening of July 19, 1916, and from then until August 3rd was watched and harassed gradually closing in day and night by the 1st and 2nd Australian Light Horse Brigades (which included the Wellington Mounted Rifles Regiment), the latter at the moment being carefully reconnoitred by the Ayrshire battery.

"Early on August 3 the enemy occupied Katia within striking distance of our position at Romani. During the view that the morrow, August 4, was the last day of Ramadan, and that the Turks would probably attack on that day, the 1st Australian Light Horse Brigade was left out to hold an outpost line of about three miles to cover all entrances to the plateau on the south-east front of Romani. The position of this outpost line had to be taken up after dark on the evening of August 3. Nevertheless, it withstood the enemy's main attack from 12 midnight to 3 p.m. on August 4, when the 1st Brigade was reinforced by the 2nd, and thus the two brigades, as previously arranged, swung over on the extreme right of the infantry position, gradually drew back to a line which had already been decided upon in order to bring the right flank of the enemy a direct frontal position of the infantry and rest of the Romani position, and also the railway.

"By the time the New Zealand Mounted Rifles (which included the 5th Australian Light Horse Regiment) and the 5th Mounted Brigade (Yeomanry) were approaching on the high sand dunes west of Romani and on the enemy's left flank, the regiment of the 1st and 2nd Australian Light Horse Brigades joining up with the left of the Yeomanry Brigade near Pelusium railway station (about five miles west of Romani station) and by then the Turkish attack had been held along the whole line. The 3rd Australian Light Horse Brigade was in the meantime attacking towards the enemy's left rear from Bir-el-Duedar. About 11 a.m. the enemy's main attack was arrested by the Royal Horse Artillery Horse Artillery Mounted Division (Territorials from Inverness, Ayrshire, Somerset and Leicestershire), and by rifle and machine-gun fire, which was contributed to considerably by the infantry posts on the right of the Romani position.

"The attack appeared to have exhausted itself, but held its ground and it was at this time that their right flank attack dropped on the south-east front of the Romani position. This was, however, easily beaten back by the infantry posts. During the whole day the Romani camp was heavily shelled by the enemy, with guns of various calibres, including six inch howitzers and heavy guns, and so on, some dropping bombs on the camps and lodgings.

"At 5 p.m. the supporting infantry of the 52nd Lowland Division, went forward, followed by the troops of the New Zealand Mounted Brigade and the 5th Mounted (Yeomanry) Brigade. During the night the two Turkish battalions of the New Zealanders and Yeomanry were advancing under the fire from the heights. The enemy retired and troops relieved them with the ridges at daylight. Mount Royston, after the Brigadier of the Kingsway battalion on August 5, and the New Zealanders and Yeomanry moved forward, and captured about 1000 prisoners at dawn. Both the 1st and 2nd Light Horse, and Yeomanry made a very gallant attack on Mount Royston, and it was taken with about 300 prisoners.

"When the enemy, therefore, of the enemy's main attack was held on a line extending at this time in an arc, the Light Horse Regiments pushed on with sand dunes to the east of the enemy's front position, and a brigade of Yeomanry, which had gone forward to help, were attacking with good effect on their left flank.

"Shortly after 10 a.m. on August 5, the Romani and New Zealand and Yeomanry were in position to attack the Turks. The 52nd Division had, however, followed on to support. The Turks, finding themselves beaten, and the weather was excessively hot, turned and fled towards Katia.

"Meanwhile the 3rd Light Horse Brigade had pushed the enemy from Hamisah, and by noon was closing in on the left of the enemy. At 2 p.m. the New Zealand Mounted Rifles, 5th Mounted Brigade and part of the Australian and New Zealand Mounted Division were advancing on Katia, but these troops were attacked by an infantry, a bold counter-attack, and the whole line was held up. The Turkish detachments sticking to their own positions and at night they were still in possession of Katia.

"On August 6 our infantry occupied Katia and the mounted troops pushed on.

on in pursuit, no serious engagement taking place until Bir-el-Abd was reached, where a pitched battle was fought between the Anzac Mounted Division and the enemy's rearguard of 6000 infantry and several batteries of guns of various calibres. The 6000 infantry in trenches, supported by the heavy guns, proved too strong for the 3000 rifles then available in the Mounted Division. As, though, to push the enemy back, or to get round his flanks, we stopped the enemy's counter-attacks. In the end the enemy made several counter-attacks on our troops, the last one, on the centre of our line, being of a most determined character. It was in these attacks that the enemy suffered most heavily. The division was withdrawn a short distance for the night, having suffered severe casualties on the enemy, and caused him to burn his food stores. The engagement was resumed on the following day, and we continued until August 12, when the enemy evacuated their position during the night, being pursued to the extreme limit of the oasis area.

"The performance of the 1st and 2nd Light Horse Brigades on the early morning of August 4 was extraordinary, considering that both men and horses were worn out with watching and harassing the enemy prior to that date, and the action of the New Zealanders and Yeomanry on Mount Royston was a very brilliant feat. The shooting of the Territorial Horse Artillery was most effective, and great gallantry and endurance were shown by the gunners at Hod-el-Bada and during Bir-el-Abd. Although thirty-nine horses of the Ayrshire Battery were killed, and eight of the enemy were within 200 yards of the guns, the gunners succeeded by the Light Horsemen, managed to get their teams and guns into a safe position.

"The conditions under fire of the Divisional signal troops were especially fine, as were the New Zealand Field Engineers, and the New Zealand Field Ambulances, in addition to the other units, and the country was very conveniently laid out. The work of the field ambulances and the regimental medical officers and stretcher bearers under the most trying conditions of desert warfare, is beyond all praise, and the efficiency of the Army Service Corps contributed very greatly to the success of the campaign, for the supply, as was the case, was arranged without the slightest hitch.

"Throughout the enemy, true to traditions established in Gallipoli, fought like gentlemen, and prisoners were taken that any of our wounded that have fallen into his hands, and that every man is aware that his prisoners were taken have been treated well.

"A message was left on a native board at Oghratina saying that Lieutenant Scudder of the New Zealand Mounted Rifles was a prisoner and was a gentleman and was doing in the enemy lines. The employment of the enemy appeared to have been excellent in every detail, particularly his heavy equipment. The complete field hospital left into the hands of the mounted division.

Congratulatory messages were received from the King, the Commander-in-Chief, from his Highness the Sultan of Egypt, from the Chief of the Imperial General Staff, from the Sirdar of the Egyptian Army, from General Birdwood and from General Russell (commanding the New Zealand Division in France)."

ACCIDENTS AND FATALITIES
RUN OVER BY TRAMCAR.

A middle-aged man named J. Tarpey was run over by a tramcar last evening about eight o'clock at the corner of Fitzgerald Avenue and Ferry Road. The leg was nearly severed from the body and Tarpey was in a state of collapse when admitted to the Hospital. He is a widower, and resided at Heathcote.

FALL FROM MOTOR-CYCLE.

A man named F. M'Keeb, residing in Cranford Street, was riding on Spinner yesterday on a motor-cycle, when he lost control of the machine and fell. Webb was thrown on his face when he was set about. He was admitted to the Hospital.

DEATH DURING OPERATION.

Mrs Margaret Wilson, wife of Mr J. Todd, of Centre Island, Kaipoi, died at the Hospital yesterday while undergoing an operation. An inquest will be held at the Hospital at 12.30 p.m. to-day.

STATE COAL MINES.
TO THE EDITOR.

Sir,—The article with reference to State coal mines appearing in your issue of 26th inst. can hardly be called an unbiased statement of the facts with reference to the general position of the State coal mines, for instance, your statement that last year the business showed a profit of over £3000, and that the year before there was a loss of £16,000, but what is the reason? The loss in 1915—16, was the result of the commencement of the war, and lack of practical purposes. The published accounts show that the loss on trading during the last three years, after allowing for profit tax reduction, is no less than £15,000. I have not been able to examine accounts prior to those for year ended March 31, 1914, but my recollection is that exceptional losses were recorded, so that a loss of less than £3000 would not be a fair figure. One point that is very clear, the effect of the war on the industry, is that the mines and the State enterprise was charged with many heavy expenses which have to be borne by comparing private coal companies. The State, probably, escapes charges to the extent of about £10,000 per annum in its own tax on production, and they are of a considerable nature. These published accounts, also, apparently make no allowance for interest on capital, so that taking this with the costs, there is such a balance ... it would not appear that a fair comparison is possible.

The Greymouth Mine—The statement, that the utility of the State mine to the public has not received a stimulating influence of competition among the prices at which the coal could be had, are wholly unfounded ... any of this coal, of the principal coals ...

By no stretch of the imagination can New Zealand be called either cheap or highly protected as far as coal is concerned. That the State for New Zealand coal have not hitherto been excessive is proved by the fact that comparatively few New Zealand collieries have ever reached the dividend-paying stage.

Your argument that it is of some value that the railways and other Government departments should be able to purchase their coal from State mines is doubtful, seeing that the 1913-14 results are shown. Of a total coal output of 173,411 tons, only 30,841 tons were sold to the railways and other Government departments. I do not think it will be found that this proportion has been greatly exceeded in later years. Railway consumers alone probably exceed 300,000 tons per annum, so it would be a very poor look-out for the railways if they were dependent on the State mines.

It is a fact that the State coal mines are not run on the same lines as private companies, and the public naturally pay higher prices than they would have to pay through private shipping firms. The case of the Lyttelton mine is a notable case in point. The one thing that can be said in favour of the State mines is that they were carried on by the railways and other Government departments.

The first and the cost of the mining is the other thing not in the first coal question. The 1st and the railways of the State collieries. These collieries were not a fair test of the mines, and fewer men were at work in the State collieries. But as to the output of the State coal on the railway, it is a matter of challenge. It was intended that this coal should be used as far as possible by the Government departments but, and I think this unchecked. The more the results of the expenses one year in the past, and the greater the extent of the mines into the hands of the State, and shipping companies, the greater will be the loss to the Government departments in the use of their coal.—Yours, etc.,

WATCHMAN.
Christchurch, September 23.
